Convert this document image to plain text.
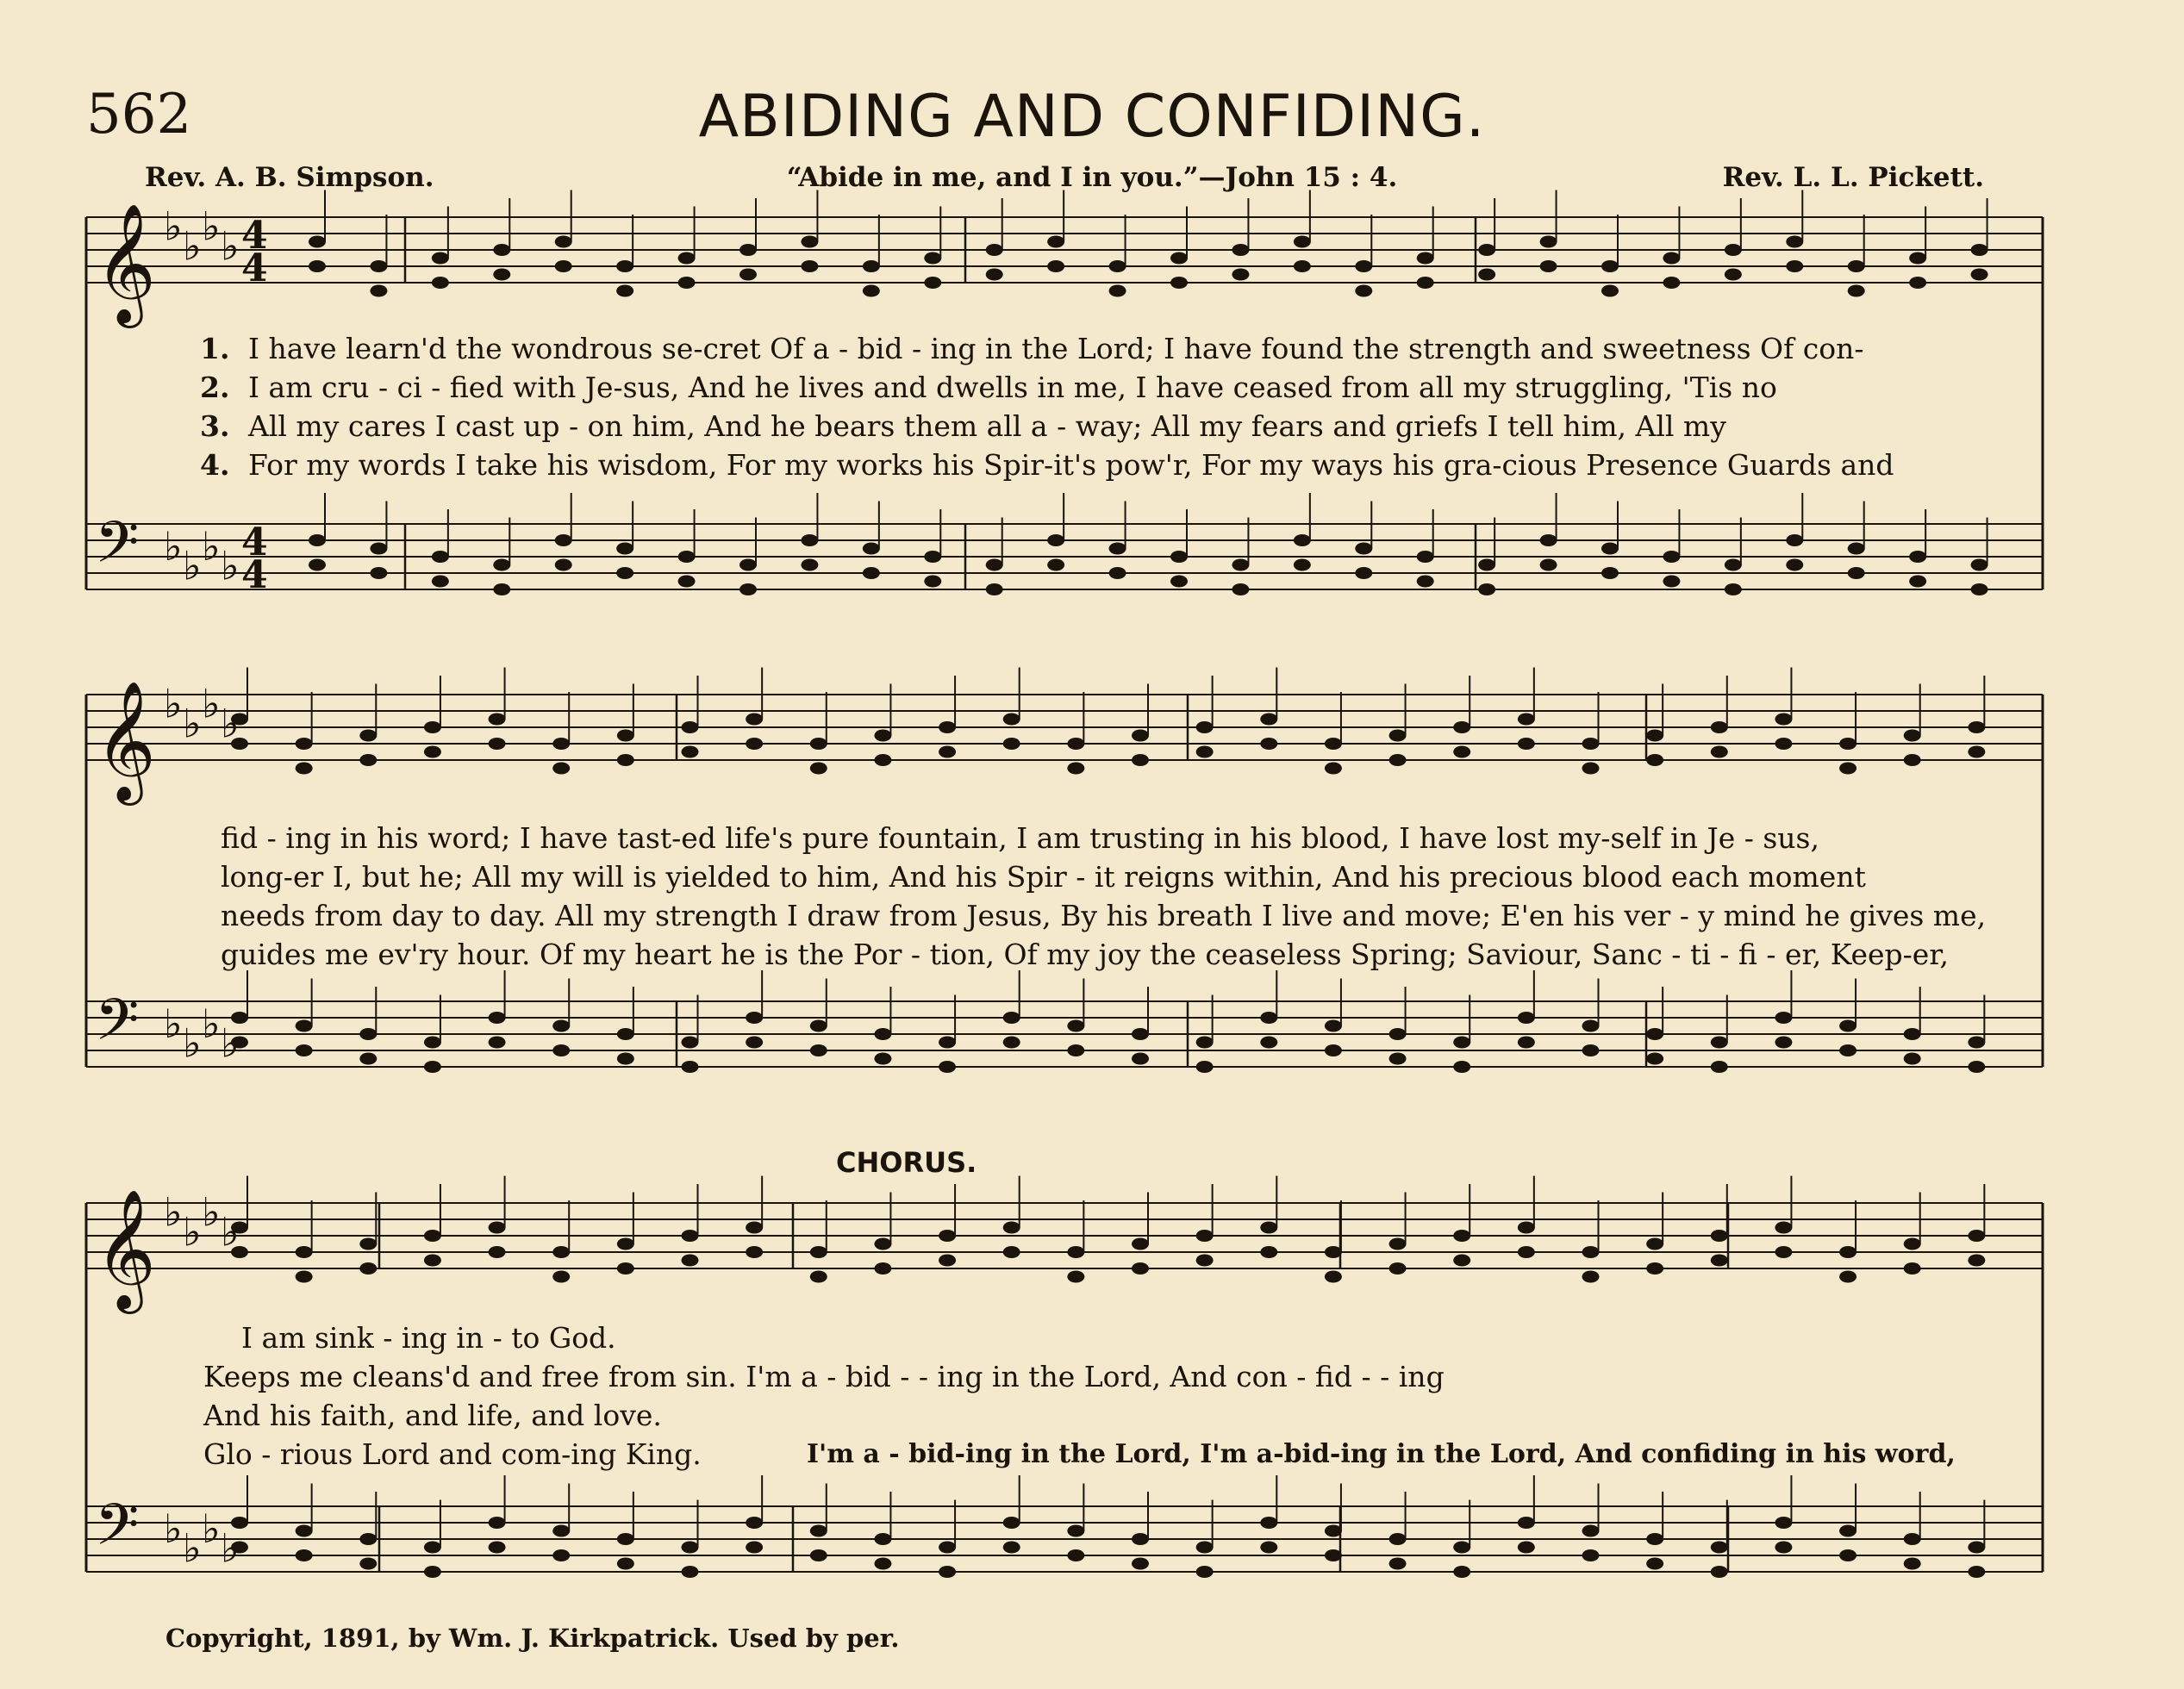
𝄞 ♭ ♭ ♭ ♭ 4
4
𝄢 ♭ ♭ ♭ ♭
4
4
𝄞 ♭ ♭ ♭ ♭
𝄢 ♭ ♭ ♭ ♭
𝄞 ♭ ♭ ♭ ♭
𝄢 ♭ ♭ ♭ ♭
562	ABIDING AND CONFIDING.
Rev. A. B. Simpson.	“Abide in me, and I in you.”—John 15 : 4.	Rev. L. L. Pickett.
1. I have learn'd the wondrous se-cret Of a - bid - ing in the Lord; I have found the strength and sweetness Of con-
2. I am cru - ci - fied with Je-sus, And he lives and dwells in me, I have ceased from all my struggling, 'Tis no
3. All my cares I cast up - on him, And he bears them all a - way; All my fears and griefs I tell him, All my
4. For my words I take his wisdom, For my works his Spir-it's pow'r, For my ways his gra-cious Presence Guards and
fid - ing in his word; I have tast-ed life's pure fountain, I am trusting in his blood, I have lost my-self in Je - sus,
long-er I, but he; All my will is yielded to him, And his Spir - it reigns within, And his precious blood each moment
needs from day to day. All my strength I draw from Jesus, By his breath I live and move; E'en his ver - y mind he gives me,
guides me ev'ry hour. Of my heart he is the Por - tion, Of my joy the ceaseless Spring; Saviour, Sanc - ti - fi - er, Keep-er,
CHORUS.
I am sink - ing in - to God.
Keeps me cleans'd and free from sin. I'm a - bid - - ing in the Lord, And con - fid - - ing
And his faith, and life, and love.
Glo - rious Lord and com-ing King.	I'm a - bid-ing in the Lord, I'm a-bid-ing in the Lord, And confiding in his word,
Copyright, 1891, by Wm. J. Kirkpatrick. Used by per.
